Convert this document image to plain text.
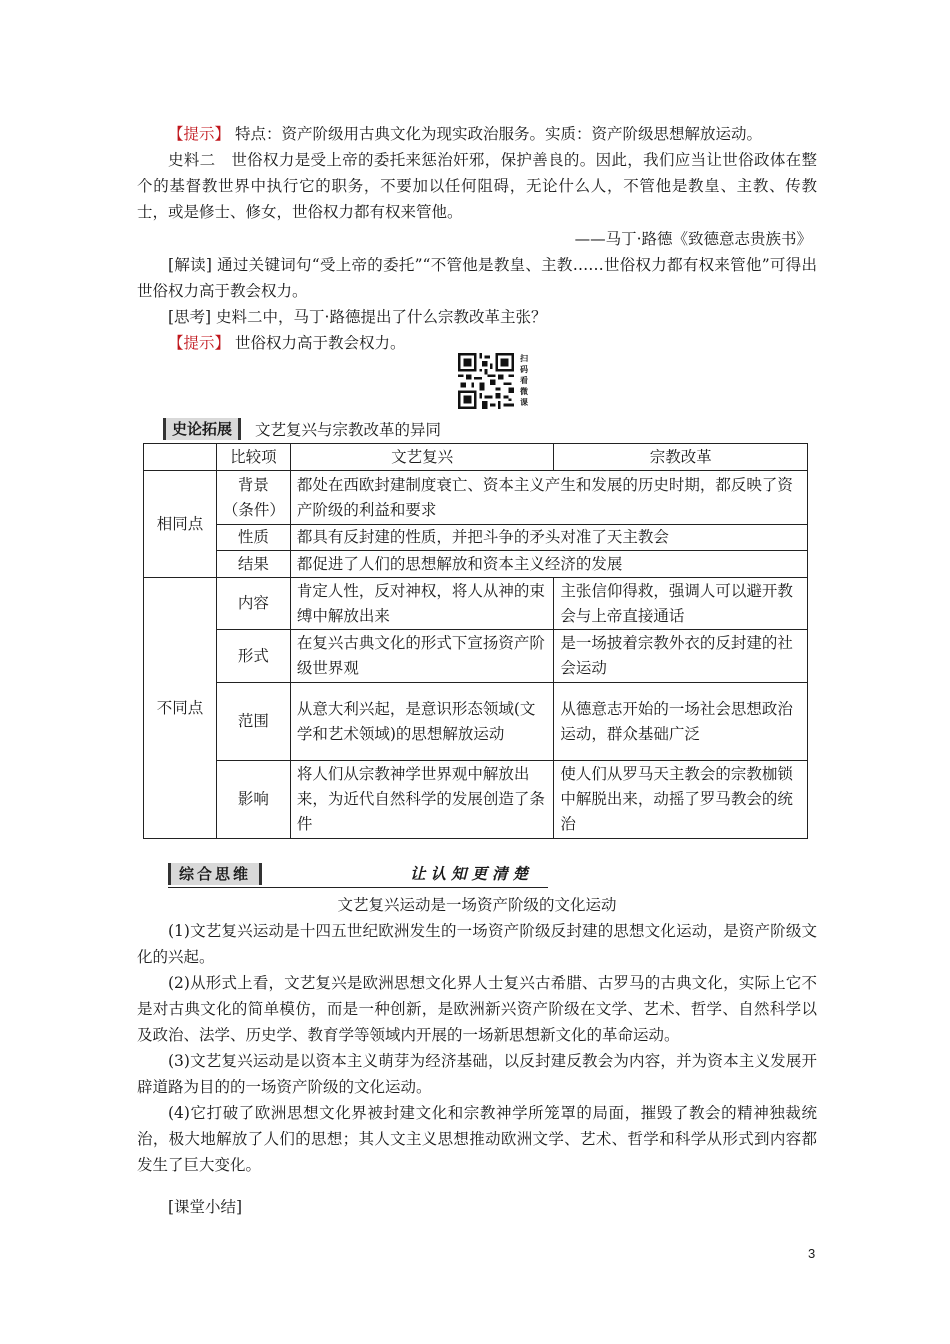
【提示】 特点：资产阶级用古典文化为现实政治服务。实质：资产阶级思想解放运动。

史料二　世俗权力是受上帝的委托来惩治奸邪，保护善良的。因此，我们应当让世俗政体在整个的基督教世界中执行它的职务，不要加以任何阻碍，无论什么人，不管他是教皇、主教、传教士，或是修士、修女，世俗权力都有权来管他。

——马丁·路德《致德意志贵族书》

[解读] 通过关键词句“受上帝的委托”“不管他是教皇、主教……世俗权力都有权来管他”可得出世俗权力高于教会权力。

[思考] 史料二中，马丁·路德提出了什么宗教改革主张？

【提示】 世俗权力高于教会权力。

扫码看微课
史论拓展	文艺复兴与宗教改革的异同
	比较项	文艺复兴	宗教改革
相同点	背景（条件）	都处在西欧封建制度衰亡、资本主义产生和发展的历史时期，都反映了资产阶级的利益和要求	
	性质	都具有反封建的性质，并把斗争的矛头对准了天主教会	
	结果	都促进了人们的思想解放和资本主义经济的发展	
不同点	内容	肯定人性，反对神权，将人从神的束缚中解放出来	主张信仰得救，强调人可以避开教会与上帝直接通话
	形式	在复兴古典文化的形式下宣扬资产阶级世界观	是一场披着宗教外衣的反封建的社会运动
	范围	从意大利兴起，是意识形态领域(文学和艺术领域)的思想解放运动	从德意志开始的一场社会思想政治运动，群众基础广泛
	影响	将人们从宗教神学世界观中解放出来，为近代自然科学的发展创造了条件	使人们从罗马天主教会的宗教枷锁中解脱出来，动摇了罗马教会的统治
综合思维	让认知更清楚

文艺复兴运动是一场资产阶级的文化运动

(1)文艺复兴运动是十四五世纪欧洲发生的一场资产阶级反封建的思想文化运动，是资产阶级文化的兴起。

(2)从形式上看，文艺复兴是欧洲思想文化界人士复兴古希腊、古罗马的古典文化，实际上它不是对古典文化的简单模仿，而是一种创新，是欧洲新兴资产阶级在文学、艺术、哲学、自然科学以及政治、法学、历史学、教育学等领域内开展的一场新思想新文化的革命运动。

(3)文艺复兴运动是以资本主义萌芽为经济基础，以反封建反教会为内容，并为资本主义发展开辟道路为目的的一场资产阶级的文化运动。

(4)它打破了欧洲思想文化界被封建文化和宗教神学所笼罩的局面，摧毁了教会的精神独裁统治，极大地解放了人们的思想；其人文主义思想推动欧洲文学、艺术、哲学和科学从形式到内容都发生了巨大变化。

[课堂小结]

3
